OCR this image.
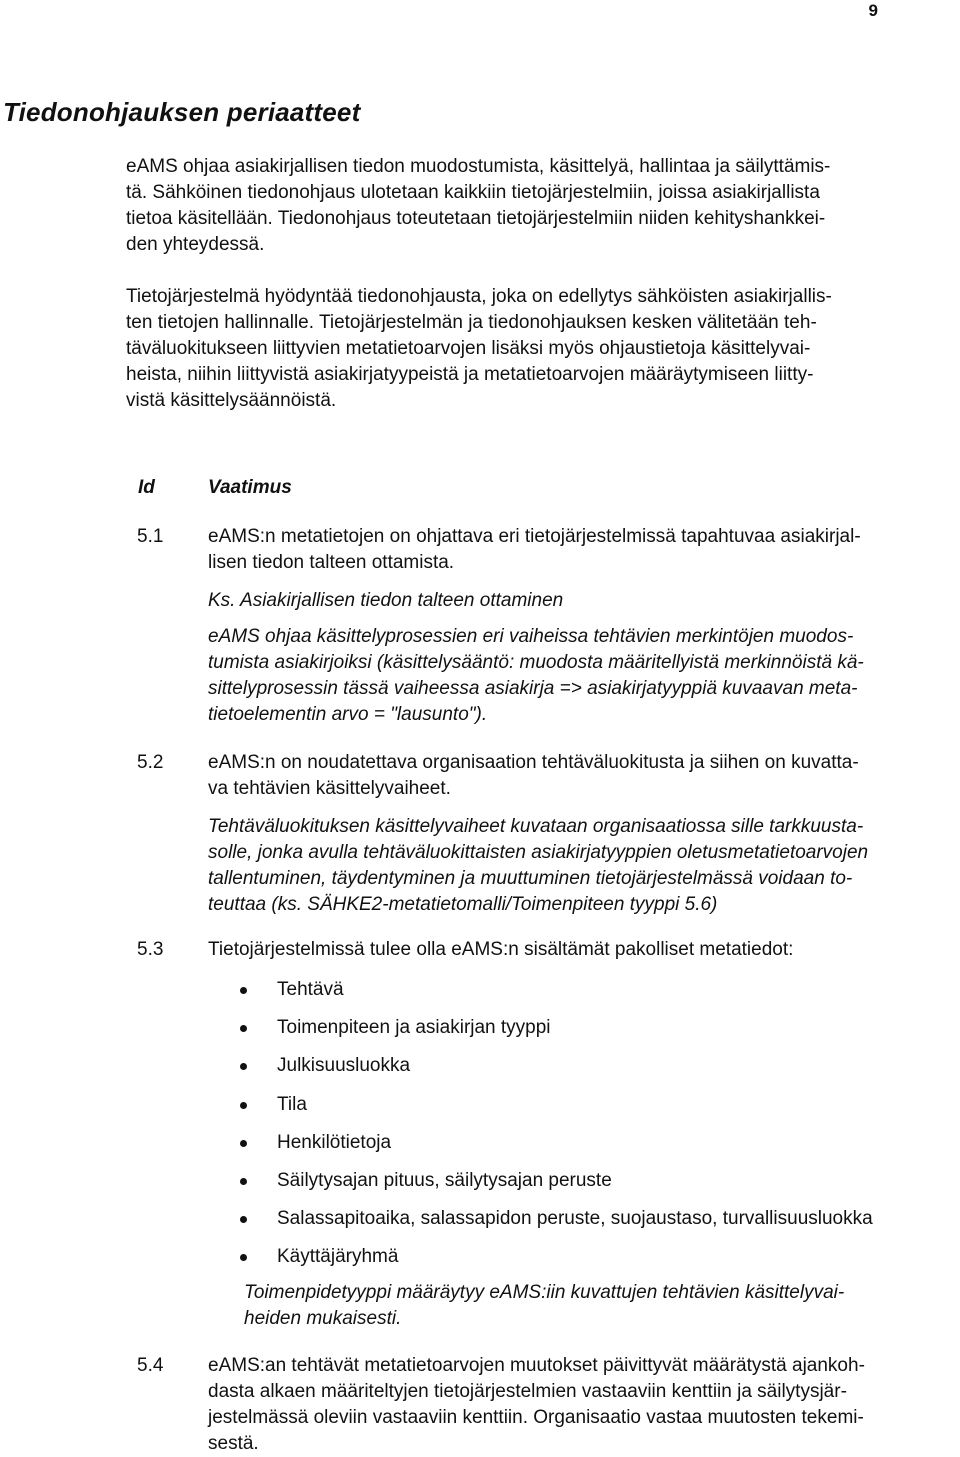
9
Tiedonohjauksen periaatteet

eAMS ohjaa asiakirjallisen tiedon muodostumista, käsittelyä, hallintaa ja säilyttämis-
tä. Sähköinen tiedonohjaus ulotetaan kaikkiin tietojärjestelmiin, joissa asiakirjallista
tietoa käsitellään. Tiedonohjaus toteutetaan tietojärjestelmiin niiden kehityshankkei-
den yhteydessä.

Tietojärjestelmä hyödyntää tiedonohjausta, joka on edellytys sähköisten asiakirjallis-
ten tietojen hallinnalle. Tietojärjestelmän ja tiedonohjauksen kesken välitetään teh-
täväluokitukseen liittyvien metatietoarvojen lisäksi myös ohjaustietoja käsittelyvai-
heista, niihin liittyvistä asiakirjatyypeistä ja metatietoarvojen määräytymiseen liitty-
vistä käsittelysäännöistä.

Id	Vaatimus
5.1 eAMS:n metatietojen on ohjattava eri tietojärjestelmissä tapahtuvaa asiakirjal-
lisen tiedon talteen ottamista.
Ks. Asiakirjallisen tiedon talteen ottaminen
eAMS ohjaa käsittelyprosessien eri vaiheissa tehtävien merkintöjen muodos-
tumista asiakirjoiksi (käsittelysääntö: muodosta määritellyistä merkinnöistä kä-
sittelyprosessin tässä vaiheessa asiakirja => asiakirjatyyppiä kuvaavan meta-
tietoelementin arvo = "lausunto").
5.2 eAMS:n on noudatettava organisaation tehtäväluokitusta ja siihen on kuvatta-
va tehtävien käsittelyvaiheet.
Tehtäväluokituksen käsittelyvaiheet kuvataan organisaatiossa sille tarkkuusta-
solle, jonka avulla tehtäväluokittaisten asiakirjatyyppien oletusmetatietoarvojen
tallentuminen, täydentyminen ja muuttuminen tietojärjestelmässä voidaan to-
teuttaa (ks. SÄHKE2-metatietomalli/Toimenpiteen tyyppi 5.6)
5.3 Tietojärjestelmissä tulee olla eAMS:n sisältämät pakolliset metatiedot:
Tehtävä
Toimenpiteen ja asiakirjan tyyppi
Julkisuusluokka
Tila
Henkilötietoja
Säilytysajan pituus, säilytysajan peruste
Salassapitoaika, salassapidon peruste, suojaustaso, turvallisuusluokka
Käyttäjäryhmä
Toimenpidetyyppi määräytyy eAMS:iin kuvattujen tehtävien käsittelyvai-
heiden mukaisesti.
5.4 eAMS:an tehtävät metatietoarvojen muutokset päivittyvät määrätystä ajankoh-
dasta alkaen määriteltyjen tietojärjestelmien vastaaviin kenttiin ja säilytysjär-
jestelmässä oleviin vastaaviin kenttiin. Organisaatio vastaa muutosten tekemi-
sestä.
